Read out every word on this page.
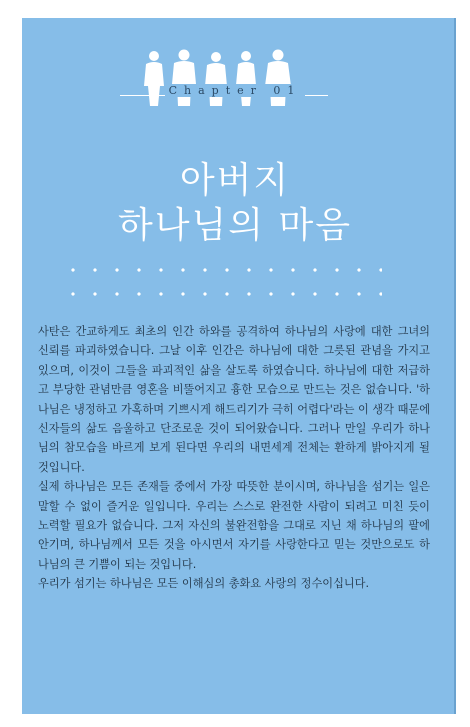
Chapter 01
아버지
하나님의 마음

사탄은 간교하게도 최초의 인간 하와를 공격하여 하나님의 사랑에 대한 그녀의 신뢰를 파괴하였습니다. 그날 이후 인간은 하나님에 대한 그릇된 관념을 가지고 있으며, 이것이 그들을 파괴적인 삶을 살도록 하였습니다. 하나님에 대한 저급하고 부당한 관념만큼 영혼을 비뚤어지고 흉한 모습으로 만드는 것은 없습니다. '하나님은 냉정하고 가혹하며 기쁘시게 해드리기가 극히 어렵다'라는 이 생각 때문에 신자들의 삶도 음울하고 단조로운 것이 되어왔습니다. 그러나 만일 우리가 하나님의 참모습을 바르게 보게 된다면 우리의 내면세계 전체는 환하게 밝아지게 될 것입니다.

실제 하나님은 모든 존재들 중에서 가장 따뜻한 분이시며, 하나님을 섬기는 일은 말할 수 없이 즐거운 일입니다. 우리는 스스로 완전한 사람이 되려고 미친 듯이 노력할 필요가 없습니다. 그저 자신의 불완전함을 그대로 지닌 채 하나님의 팔에 안기며, 하나님께서 모든 것을 아시면서 자기를 사랑한다고 믿는 것만으로도 하나님의 큰 기쁨이 되는 것입니다.

우리가 섬기는 하나님은 모든 이해심의 총화요 사랑의 정수이십니다.
